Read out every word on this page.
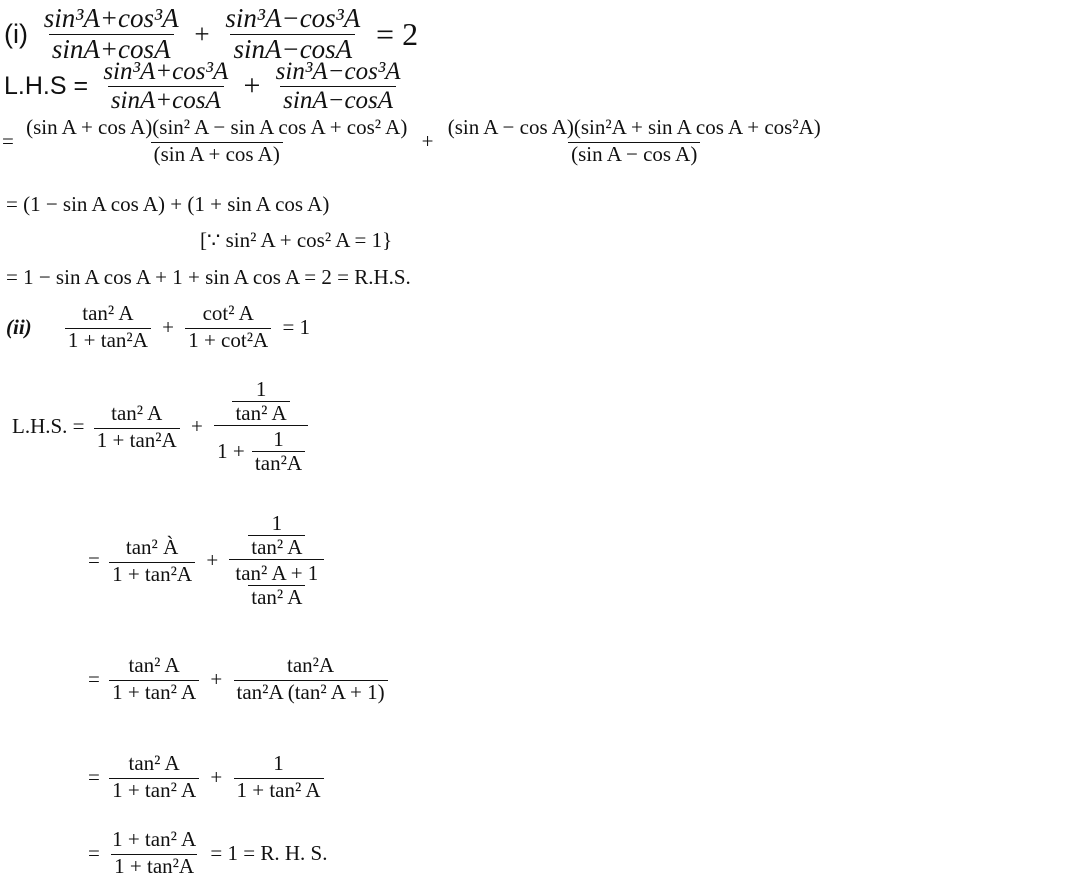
$(i) \frac{\text{sin³A+cos³A}}{\sin A+\cos A} + \frac{\text{sin³A−cos³A}}{\sin A-\cos A} = 2$
$L.H.S = \frac{\text{sin³A+cos³A}}{\sin A+\cos A} + \frac{\text{sin³A−cos³A}}{\sin A-\cos A}$
= $\frac{\text{(sin A + cos A)(sin² A − sin A cos A + cos² A)}}{\text{(sin A + cos A)}} + \frac{\text{(sin A − cos A)(sin²A + sin A cos A + cos²A)}}{\text{(sin A − cos A)}}$
= (1 − sin A cos A) + (1 + sin A cos A)
[∵ sin² A + cos² A = 1}
= 1 − sin A cos A + 1 + sin A cos A = 2 = R.H.S.
$(ii) \frac{\text{tan² A}}{\text{1 + tan²A}} + \frac{\text{cot² A}}{\text{1 + cot²A}} = 1$
L.H.S. = $\frac{\text{tan² A}}{\text{1 + tan²A}} + \frac{\frac{1}{\text{tan² A}}}{1 + \frac{1}{\text{tan²A}}}$
= $\frac{\text{tan² À}}{\text{1 + tan²A}} + \frac{\frac{1}{\text{tan² A}}}{\frac{\text{tan² A + 1}}{\text{tan² A}}}$
= $\frac{\text{tan² A}}{\text{1 + tan² A}} + \frac{\text{tan²A}}{\text{tan²A (tan² A + 1)}}$
= $\frac{\text{tan² A}}{\text{1 + tan² A}} + \frac{1}{\text{1 + tan² A}}$
= $\frac{\text{1 + tan² A}}{\text{1 + tan²A}} = 1 = R$. H. S.
